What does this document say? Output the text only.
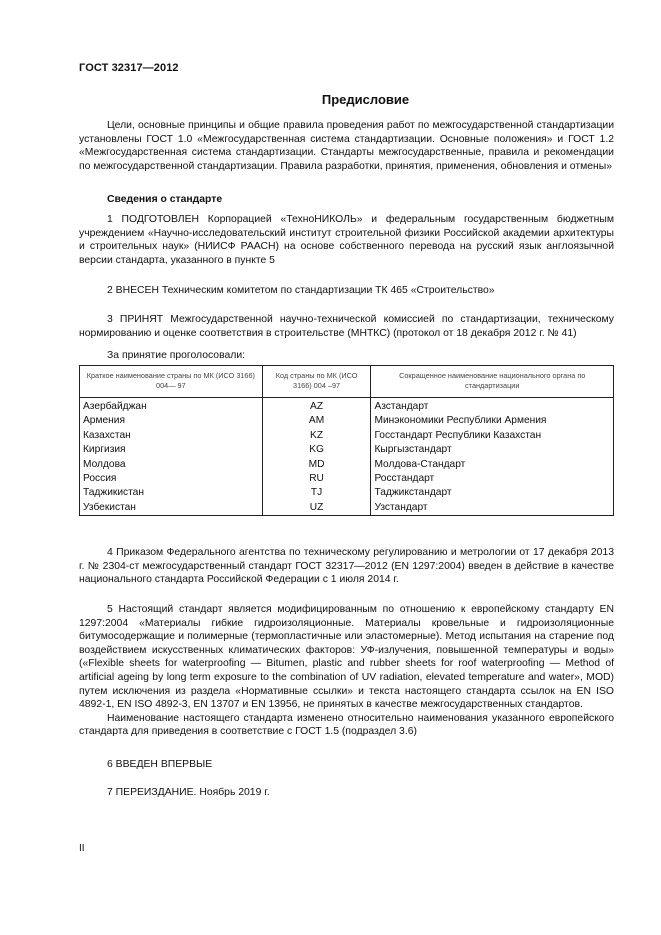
ГОСТ 32317—2012
Предисловие

Цели, основные принципы и общие правила проведения работ по межгосударственной стандартизации установлены ГОСТ 1.0 «Межгосударственная система стандартизации. Основные положения» и ГОСТ 1.2 «Межгосударственная система стандартизации. Стандарты межгосударственные, правила и рекомендации по межгосударственной стандартизации. Правила разработки, принятия, применения, обновления и отмены»

Сведения о стандарте

1 ПОДГОТОВЛЕН Корпорацией «ТехноНИКОЛЬ» и федеральным государственным бюджетным учреждением «Научно-исследовательский институт строительной физики Российской академии архитектуры и строительных наук» (НИИСФ РААСН) на основе собственного перевода на русский язык англоязычной версии стандарта, указанного в пункте 5

2 ВНЕСЕН Техническим комитетом по стандартизации ТК 465 «Строительство»

3 ПРИНЯТ Межгосударственной научно-технической комиссией по стандартизации, техническому нормированию и оценке соответствия в строительстве (МНТКС) (протокол от 18 декабря 2012 г. № 41)

За принятие проголосовали:

Краткое наименование страны по МК (ИСО 3166) 004— 97	Код страны по МК (ИСО 3166) 004 –97	Сокращенное наименование национального органа по стандартизации
Азербайджан	AZ	Азстандарт
Армения	AM	Минэкономики Республики Армения
Казахстан	KZ	Госстандарт Республики Казахстан
Киргизия	KG	Кыргызстандарт
Молдова	MD	Молдова-Стандарт
Россия	RU	Росстандарт
Таджикистан	TJ	Таджикстандарт
Узбекистан	UZ	Узстандарт

4 Приказом Федерального агентства по техническому регулированию и метрологии от 17 декабря 2013 г. № 2304-ст межгосударственный стандарт ГОСТ 32317—2012 (EN 1297:2004) введен в действие в качестве национального стандарта Российской Федерации с 1 июля 2014 г.

5 Настоящий стандарт является модифицированным по отношению к европейскому стандарту EN 1297:2004 «Материалы гибкие гидроизоляционные. Материалы кровельные и гидроизоляционные битумосодержащие и полимерные (термопластичные или эластомерные). Метод испытания на старение под воздействием искусственных климатических факторов: УФ-излучения, повышенной температуры и воды» («Flexible sheets for waterproofing — Bitumen, plastic and rubber sheets for roof waterproofing — Method of artificial ageing by long term exposure to the combination of UV radiation, elevated temperature and water», MOD) путем исключения из раздела «Нормативные ссылки» и текста настоящего стандарта ссылок на EN ISO 4892-1, EN ISO 4892-3, EN 13707 и EN 13956, не принятых в качестве межгосударственных стандартов.

Наименование настоящего стандарта изменено относительно наименования указанного европейского стандарта для приведения в соответствие с ГОСТ 1.5 (подраздел 3.6)

6 ВВЕДЕН ВПЕРВЫЕ

7 ПЕРЕИЗДАНИЕ. Ноябрь 2019 г.

II
